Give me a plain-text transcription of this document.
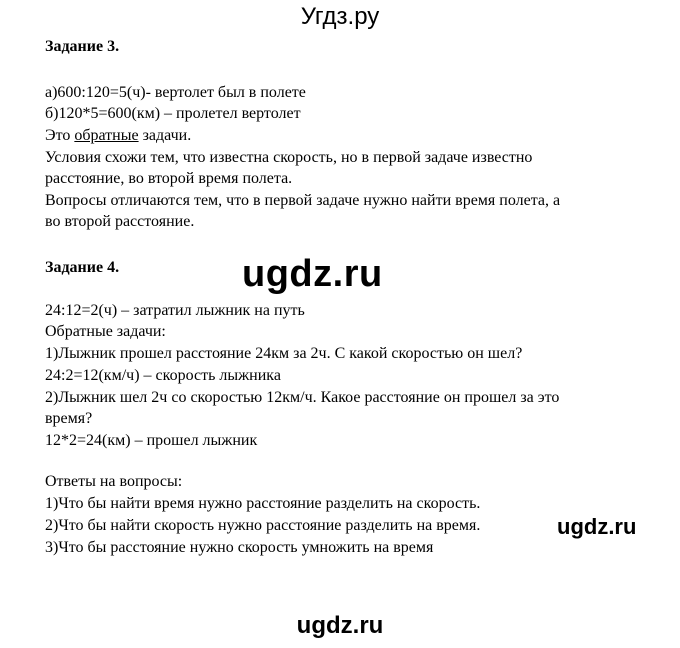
Угдз.ру
Задание 3.
а)600:120=5(ч)- вертолет был в полете
б)120*5=600(км) – пролетел вертолет
Это обратные задачи.
Условия схожи тем, что известна скорость, но в первой задаче известно
расстояние, во второй время полета.
Вопросы отличаются тем, что в первой задаче нужно найти время полета, а
во второй расстояние.
Задание 4.
24:12=2(ч) – затратил лыжник на путь
Обратные задачи:
1)Лыжник прошел расстояние 24км за 2ч. С какой скоростью он шел?
24:2=12(км/ч) – скорость лыжника
2)Лыжник шел 2ч со скоростью 12км/ч. Какое расстояние он прошел за это
время?
12*2=24(км) – прошел лыжник
Ответы на вопросы:
1)Что бы найти время нужно расстояние разделить на скорость.
2)Что бы найти скорость нужно расстояние разделить на время.
3)Что бы расстояние нужно скорость умножить на время
ugdz.ru
ugdz.ru
ugdz.ru
